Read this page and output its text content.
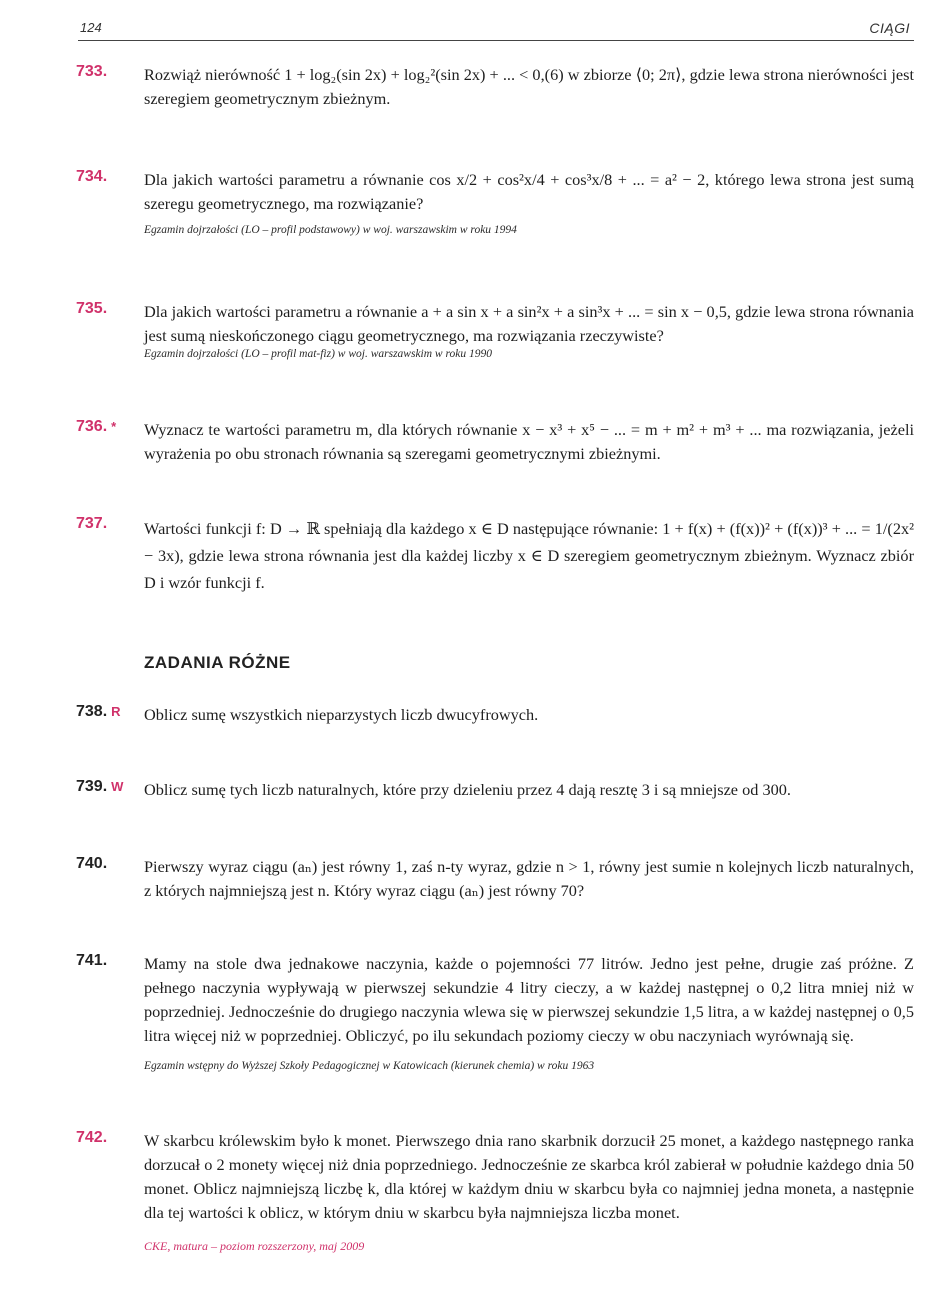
124	CIĄGI
733. Rozwiąż nierówność 1 + log₂(sin 2x) + log₂²(sin 2x) + ... < 0,(6) w zbiorze ⟨0; 2π⟩, gdzie lewa strona nierówności jest szeregiem geometrycznym zbieżnym.
734. Dla jakich wartości parametru a równanie cos x/2 + cos²x/4 + cos³x/8 + ... = a² − 2, którego lewa strona jest sumą szeregu geometrycznego, ma rozwiązanie?
Egzamin dojrzałości (LO – profil podstawowy) w woj. warszawskim w roku 1994
735. Dla jakich wartości parametru a równanie a + a sin x + a sin²x + a sin³x + ... = sin x − 0,5, gdzie lewa strona równania jest sumą nieskończonego ciągu geometrycznego, ma rozwiązania rzeczywiste?
Egzamin dojrzałości (LO – profil mat-fiz) w woj. warszawskim w roku 1990
736. * Wyznacz te wartości parametru m, dla których równanie x − x³ + x⁵ − ... = m + m² + m³ + ... ma rozwiązania, jeżeli wyrażenia po obu stronach równania są szeregami geometrycznymi zbieżnymi.
737. Wartości funkcji f: D → ℝ spełniają dla każdego x ∈ D następujące równanie: 1 + f(x) + (f(x))² + (f(x))³ + ... = 1/(2x² − 3x), gdzie lewa strona równania jest dla każdej liczby x ∈ D szeregiem geometrycznym zbieżnym. Wyznacz zbiór D i wzór funkcji f.
ZADANIA RÓŻNE
738. R Oblicz sumę wszystkich nieparzystych liczb dwucyfrowych.
739. W Oblicz sumę tych liczb naturalnych, które przy dzieleniu przez 4 dają resztę 3 i są mniejsze od 300.
740. Pierwszy wyraz ciągu (aₙ) jest równy 1, zaś n-ty wyraz, gdzie n > 1, równy jest sumie n kolejnych liczb naturalnych, z których najmniejszą jest n. Który wyraz ciągu (aₙ) jest równy 70?
741. Mamy na stole dwa jednakowe naczynia, każde o pojemności 77 litrów. Jedno jest pełne, drugie zaś próżne. Z pełnego naczynia wypływają w pierwszej sekundzie 4 litry cieczy, a w każdej następnej o 0,2 litra mniej niż w poprzedniej. Jednocześnie do drugiego naczynia wlewa się w pierwszej sekundzie 1,5 litra, a w każdej następnej o 0,5 litra więcej niż w poprzedniej. Obliczyć, po ilu sekundach poziomy cieczy w obu naczyniach wyrównają się.
Egzamin wstępny do Wyższej Szkoły Pedagogicznej w Katowicach (kierunek chemia) w roku 1963
742. W skarbcu królewskim było k monet. Pierwszego dnia rano skarbnik dorzucił 25 monet, a każdego następnego ranka dorzucał o 2 monety więcej niż dnia poprzedniego. Jednocześnie ze skarbca król zabierał w południe każdego dnia 50 monet. Oblicz najmniejszą liczbę k, dla której w każdym dniu w skarbcu była co najmniej jedna moneta, a następnie dla tej wartości k oblicz, w którym dniu w skarbcu była najmniejsza liczba monet.
CKE, matura – poziom rozszerzony, maj 2009
